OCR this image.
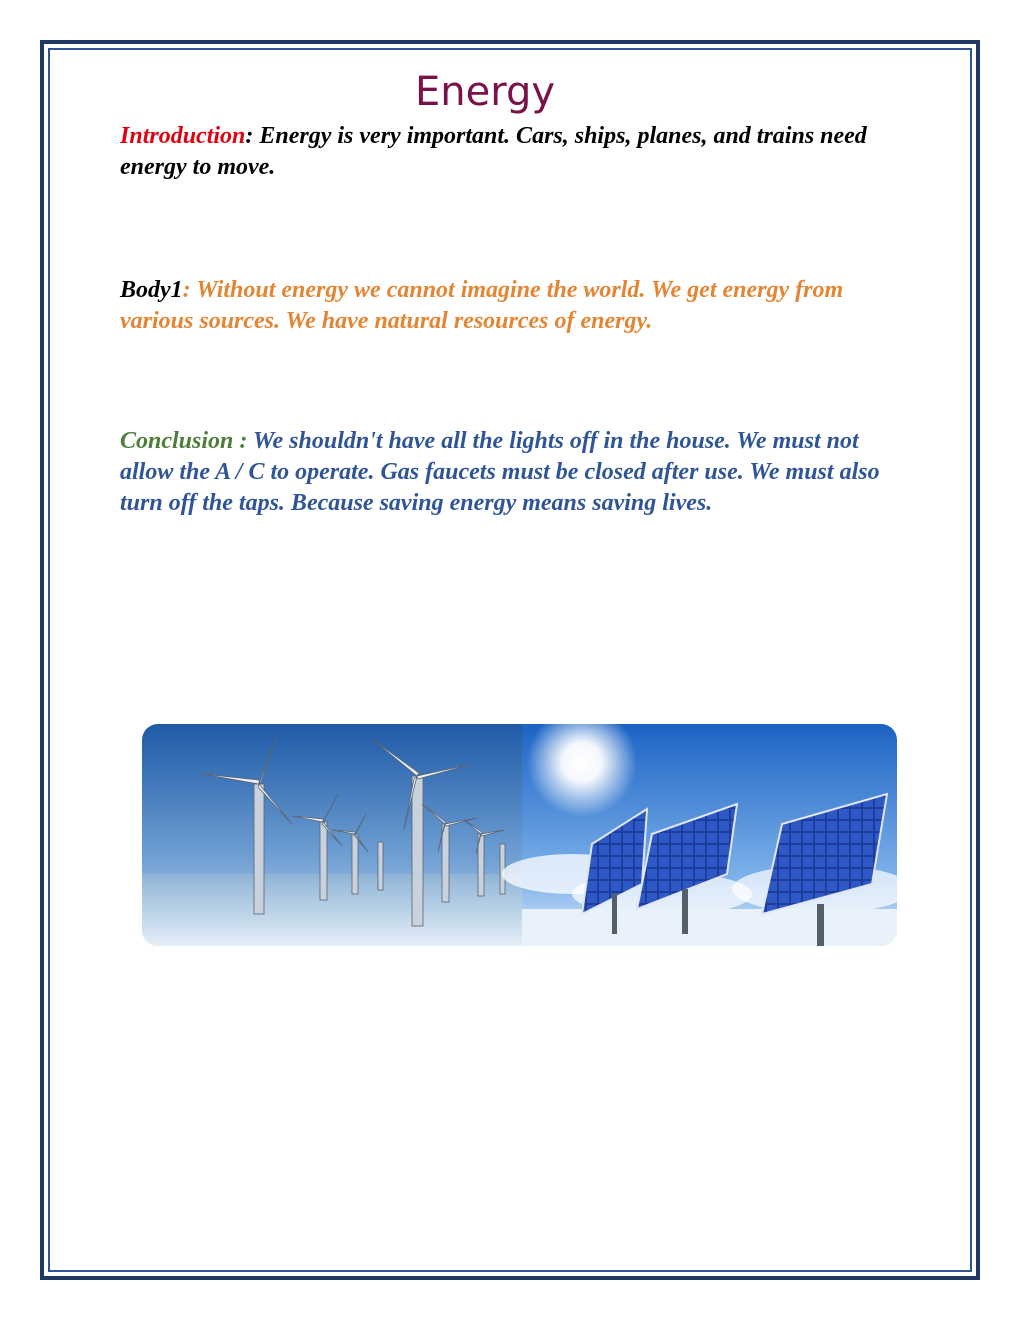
Energy

Introduction: Energy is very important. Cars, ships, planes, and trains need energy to move.

Body1: Without energy we cannot imagine the world. We get energy from various sources. We have natural resources of energy.

Conclusion : We shouldn't have all the lights off in the house. We must not allow the A / C to operate. Gas faucets must be closed after use. We must also turn off the taps. Because saving energy means saving lives.
